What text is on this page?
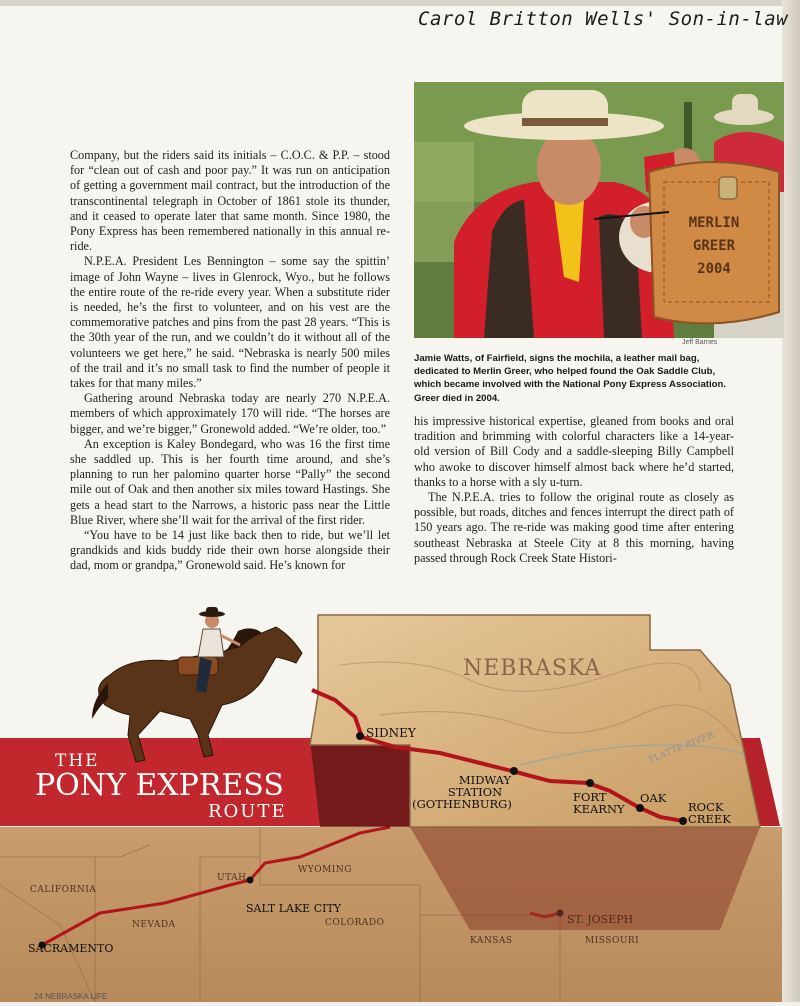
Carol Britton Wells' Son-in-law

Company, but the riders said its initials – C.O.C. & P.P. – stood for “clean out of cash and poor pay.” It was run on anticipation of getting a government mail contract, but the introduction of the transcontinental telegraph in October of 1861 stole its thunder, and it ceased to operate later that same month. Since 1980, the Pony Express has been remembered nationally in this annual re-ride.

N.P.E.A. President Les Bennington – some say the spittin’ image of John Wayne – lives in Glenrock, Wyo., but he follows the entire route of the re-ride every year. When a substitute rider is needed, he’s the first to volunteer, and on his vest are the commemorative patches and pins from the past 28 years. “This is the 30th year of the run, and we couldn’t do it without all of the volunteers we get here,” he said. “Nebraska is nearly 500 miles of the trail and it’s no small task to find the number of people it takes for that many miles.”

Gathering around Nebraska today are nearly 270 N.P.E.A. members of which approximately 170 will ride. “The horses are bigger, and we’re bigger,” Gronewold added. “We’re older, too.”

An exception is Kaley Bondegard, who was 16 the first time she saddled up. This is her fourth time around, and she’s planning to run her palomino quarter horse “Pally” the second mile out of Oak and then another six miles toward Hastings. She gets a head start to the Narrows, a historic pass near the Little Blue River, where she’ll wait for the arrival of the first rider.

“You have to be 14 just like back then to ride, but we’ll let grandkids and kids buddy ride their own horse alongside their dad, mom or grandpa,” Gronewold said. He’s known for

MERLIN
GREER
2004
Jeff Barnes
Jamie Watts, of Fairfield, signs the mochila, a leather mail bag, dedicated to Merlin Greer, who helped found the Oak Saddle Club, which became involved with the National Pony Express Association. Greer died in 2004.

his impressive historical expertise, gleaned from books and oral tradition and brimming with colorful characters like a 14-year-old version of Bill Cody and a saddle-sleeping Billy Campbell who awoke to discover himself almost back where he’d started, thanks to a horse with a sly u-turn.

The N.P.E.A. tries to follow the original route as closely as possible, but roads, ditches and fences interrupt the direct path of 150 years ago. The re-ride was making good time after entering southeast Nebraska at Steele City at 8 this morning, having passed through Rock Creek State Histori-

CALIFORNIA
NEVADA
UTAH
WYOMING
COLORADO
KANSAS	MISSOURI
SACRAMENTO
SALT LAKE CITY
THE
PONY EXPRESS
ROUTE
NEBRASKA
PLATTE RIVER
SIDNEY
MIDWAY
STATION
(GOTHENBURG)	FORT
KEARNY
OAK
ROCK
CREEK
24 NEBRASKA LIFE
